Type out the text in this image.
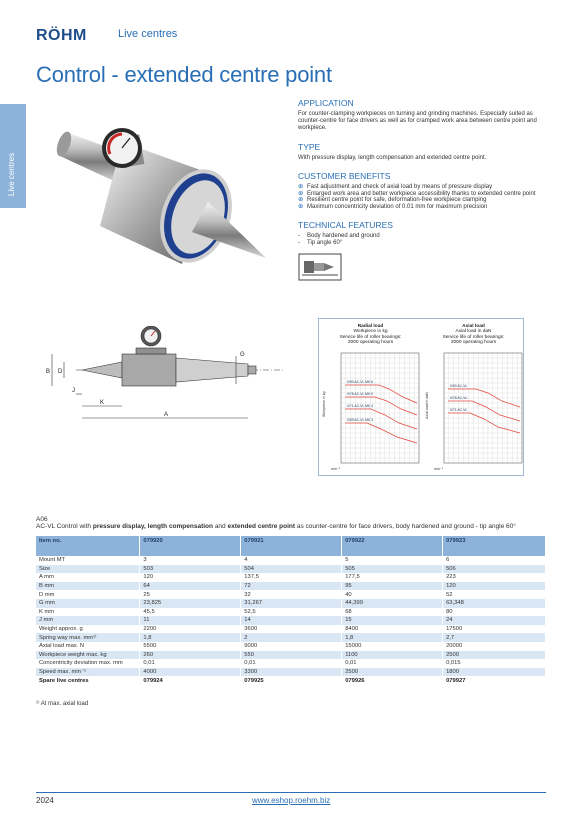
RÖHM	Live centres
Control - extended centre point
Live centres
APPLICATION

For counter-clamping workpieces on turning and grinding machines. Especially suited as counter-centre for face drivers as well as for cramped work area between centre point and workpiece.

TYPE

With pressure display, length compensation and extended centre point.

CUSTOMER BENEFITS
⊕ Fast adjustment and check of axial load by means of pressure display
⊕ Enlarged work area and better workpiece accessibility thanks to extended centre point
⊕ Resilient centre point for safe, deformation-free workpiece clamping
⊕ Maximum concentricity deviation of 0.01 mm for maximum precision
TECHNICAL FEATURES
- Body hardened and ground
- Tip angle 60°
B D
J
G
K
A
Radial load
Workpiece in kg
Service life of roller bearings:
2000 operating hours
0/90 AC-VL MK 6
0/78 AC-VL MK 5
0/71 AC-VL MK 4
0/59 AC-VL MK 3
Workpiece in kg
min⁻¹
Axial load
Axial load in daN
Service life of roller bearings:
2000 operating hours
0/90 AC-VL
0/78 AC-VL
0/71 AC-VL
Axial load in daN
min⁻¹
A06
AC-VL Control with pressure display, length compensation and extended centre point as counter-centre for face drivers, body hardened and ground - tip angle 60°
Item no.	079920	079921	079922	079923
Mount MT	3	4	5	6
Size	503	504	505	506
A mm	120	137,5	177,5	223
B mm	64	72	95	120
D mm	25	32	40	52
G mm	23,825	31,267	44,399	63,348
K mm	45,5	52,5	68	80
J mm	11	14	15	24
Weight approx. g	2200	3600	8400	17500
Spring way max. mm¹⁾	1,8	2	1,8	2,7
Axial load max. N	5500	9000	15000	20000
Workpiece weight max. kg	260	550	1100	2500
Concentricity deviation max. mm	0,01	0,01	0,01	0,015
Speed max. min⁻¹	4000	3300	2500	1800
Spare live centres	079924	079925	079926	079927
¹⁾ At max. axial load
2024	www.eshop.roehm.biz
